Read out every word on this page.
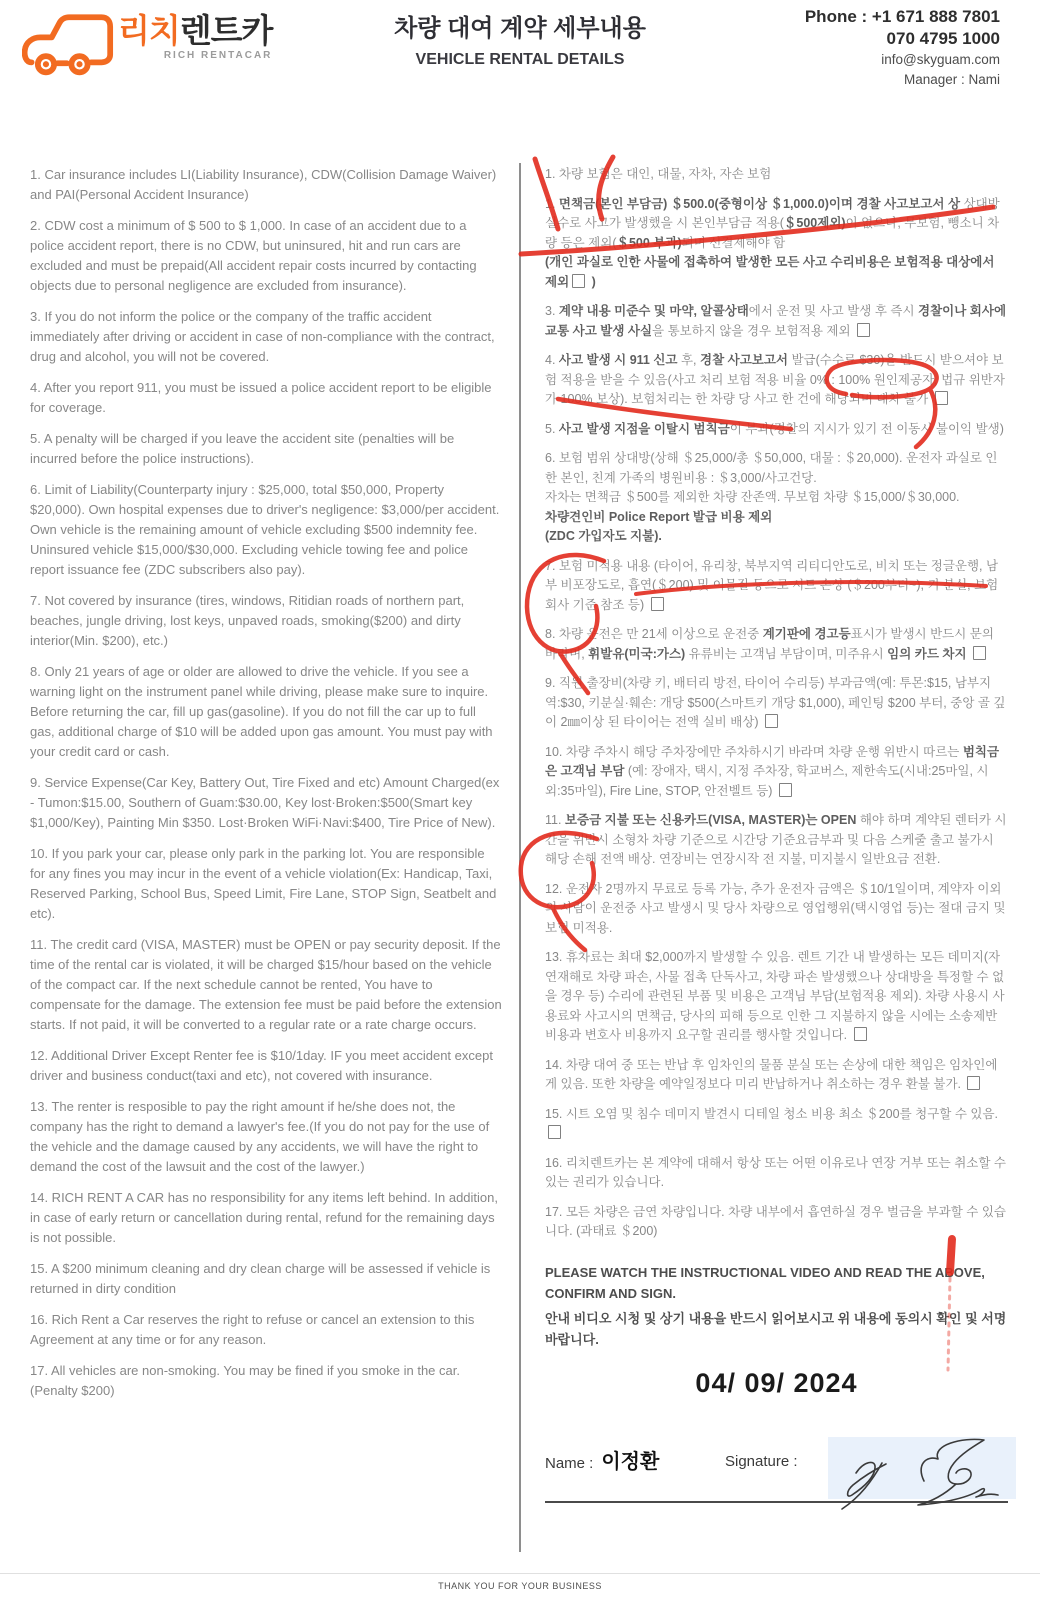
리치렌트카
RICH RENTACAR
차량 대여 계약 세부내용
VEHICLE RENTAL DETAILS
Phone : +1 671 888 7801
070 4795 1000
info@skyguam.com
Manager : Nami

1. Car insurance includes LI(Liability Insurance), CDW(Collision Damage Waiver) and PAI(Personal Accident Insurance)

2. CDW cost a minimum of $ 500 to $ 1,000. In case of an accident due to a police accident report, there is no CDW, but uninsured, hit and run cars are excluded and must be prepaid(All accident repair costs incurred by contacting objects due to personal negligence are excluded from insurance).

3. If you do not inform the police or the company of the traffic accident immediately after driving or accident in case of non-compliance with the contract, drug and alcohol, you will not be covered.

4. After you report 911, you must be issued a police accident report to be eligible for coverage.

5. A penalty will be charged if you leave the accident site (penalties will be incurred before the police instructions).

6. Limit of Liability(Counterparty injury : $25,000, total $50,000, Property $20,000). Own hospital expenses due to driver's negligence: $3,000/per accident. Own vehicle is the remaining amount of vehicle excluding $500 indemnity fee. Uninsured vehicle $15,000/$30,000. Excluding vehicle towing fee and police report issuance fee (ZDC subscribers also pay).

7. Not covered by insurance (tires, windows, Ritidian roads of northern part, beaches, jungle driving, lost keys, unpaved roads, smoking($200) and dirty interior(Min. $200), etc.)

8. Only 21 years of age or older are allowed to drive the vehicle. If you see a warning light on the instrument panel while driving, please make sure to inquire. Before returning the car, fill up gas(gasoline). If you do not fill the car up to full gas, additional charge of $10 will be added upon gas amount. You must pay with your credit card or cash.

9. Service Expense(Car Key, Battery Out, Tire Fixed and etc) Amount Charged(ex - Tumon:$15.00, Southern of Guam:$30.00, Key lost·Broken:$500(Smart key $1,000/Key), Painting Min $350. Lost·Broken WiFi·Navi:$400, Tire Price of New).

10. If you park your car, please only park in the parking lot. You are responsible for any fines you may incur in the event of a vehicle violation(Ex: Handicap, Taxi, Reserved Parking, School Bus, Speed Limit, Fire Lane, STOP Sign, Seatbelt and etc).

11. The credit card (VISA, MASTER) must be OPEN or pay security deposit. If the time of the rental car is violated, it will be charged $15/hour based on the vehicle of the compact car. If the next schedule cannot be rented, You have to compensate for the damage. The extension fee must be paid before the extension starts. If not paid, it will be converted to a regular rate or a rate charge occurs.

12. Additional Driver Except Renter fee is $10/1day. IF you meet accident except driver and business conduct(taxi and etc), not covered with insurance.

13. The renter is resposible to pay the right amount if he/she does not, the company has the right to demand a lawyer's fee.(If you do not pay for the use of the vehicle and the damage caused by any accidents, we will have the right to demand the cost of the lawsuit and the cost of the lawyer.)

14. RICH RENT A CAR has no responsibility for any items left behind. In addition, in case of early return or cancellation during rental, refund for the remaining days is not possible.

15. A $200 minimum cleaning and dry clean charge will be assessed if vehicle is returned in dirty condition

16. Rich Rent a Car reserves the right to refuse or cancel an extension to this Agreement at any time or for any reason.

17. All vehicles are non-smoking. You may be fined if you smoke in the car. (Penalty $200)

1. 차량 보험은 대인, 대물, 자차, 자손 보험

1. 면책금(본인 부담금) ＄500.0(중형이상 ＄1,000.0)이며 경찰 사고보고서 상 상대방 실수로 사고가 발생했을 시 본인부담금 적용(＄500제외)이 없으나, 무보험, 뺑소니 차량 등은 제외(＄500 부과)되며 선결제해야 함
(개인 과실로 인한 사물에 접촉하여 발생한 모든 사고 수리비용은 보험적용 대상에서 제외 )

3. 계약 내용 미준수 및 마약, 알콜상태에서 운전 및 사고 발생 후 즉시 경찰이나 회사에 교통 사고 발생 사실을 통보하지 않을 경우 보험적용 제외

4. 사고 발생 시 911 신고 후, 경찰 사고보고서 발급(수수료 $30)을 반드시 받으셔야 보험 적용을 받을 수 있음(사고 처리 보험 적용 비율 0% : 100% 원인제공자, 법규 위반자가 100% 보상). 보험처리는 한 차량 당 사고 한 건에 해당되며 대차 불가

5. 사고 발생 지점을 이탈시 범칙금이 부과(경찰의 지시가 있기 전 이동시 불이익 발생)

6. 보험 범위 상대방(상해 ＄25,000/총 ＄50,000, 대물 : ＄20,000). 운전자 과실로 인한 본인, 친계 가족의 병원비용 : ＄3,000/사고건당.
자차는 면책금 ＄500를 제외한 차량 잔존액. 무보험 차량 ＄15,000/＄30,000.
차량견인비 Police Report 발급 비용 제외
(ZDC 가입자도 지불).

7. 보험 미적용 내용 (타이어, 유리창, 북부지역 리티디안도로, 비치 또는 정글운행, 남부 비포장도로, 흡연(＄200) 및 이물질 등으로 시트 손상 (＄200부터~), 키 분실, 보험회사 기준 참조 등)

8. 차량 운전은 만 21세 이상으로 운전중 계기판에 경고등표시가 발생시 반드시 문의 바라며, 휘발유(미국:가스) 유류비는 고객님 부담이며, 미주유시 임의 카드 차지

9. 직원 출장비(차량 키, 배터리 방전, 타이어 수리등) 부과금액(예: 투몬:$15, 남부지역:$30, 키분실·훼손: 개당 $500(스마트키 개당 $1,000), 페인팅 $200 부터, 중앙 골 깊이 2㎜이상 된 타이어는 전액 실비 배상)

10. 차량 주차시 해당 주차장에만 주차하시기 바라며 차량 운행 위반시 따르는 범칙금은 고객님 부담 (예: 장애자, 택시, 지정 주차장, 학교버스, 제한속도(시내:25마일, 시외:35마일), Fire Line, STOP, 안전벨트 등)

11. 보증금 지불 또는 신용카드(VISA, MASTER)는 OPEN 해야 하며 계약된 렌터카 시간을 위반시 소형차 차량 기준으로 시간당 기준요금부과 및 다음 스케줄 출고 불가시 해당 손해 전액 배상. 연장비는 연장시작 전 지불, 미지불시 일반요금 전환.

12. 운전자 2명까지 무료로 등록 가능, 추가 운전자 금액은 ＄10/1일이며, 계약자 이외의 사람이 운전중 사고 발생시 및 당사 차량으로 영업행위(택시영업 등)는 절대 금지 및 보험 미적용.

13. 휴차료는 최대 $2,000까지 발생할 수 있음. 렌트 기간 내 발생하는 모든 데미지(자연재해로 차량 파손, 사물 접촉 단독사고, 차량 파손 발생했으나 상대방을 특정할 수 없을 경우 등) 수리에 관련된 부품 및 비용은 고객님 부담(보험적용 제외). 차량 사용시 사용료와 사고시의 면책금, 당사의 피해 등으로 인한 그 지불하지 않을 시에는 소송제반 비용과 변호사 비용까지 요구할 권리를 행사할 것입니다.

14. 차량 대여 중 또는 반납 후 임차인의 물품 분실 또는 손상에 대한 책임은 임차인에게 있음. 또한 차량을 예약일정보다 미리 반납하거나 취소하는 경우 환불 불가.

15. 시트 오염 및 침수 데미지 발견시 디테일 청소 비용 최소 ＄200를 청구할 수 있음.

16. 리치렌트카는 본 계약에 대해서 항상 또는 어떤 이유로나 연장 거부 또는 취소할 수 있는 권리가 있습니다.

17. 모든 차량은 금연 차량입니다. 차량 내부에서 흡연하실 경우 벌금을 부과할 수 있습니다. (과태료 ＄200)

PLEASE WATCH THE INSTRUCTIONAL VIDEO AND READ THE ABOVE, CONFIRM AND SIGN.

안내 비디오 시청 및 상기 내용을 반드시 읽어보시고 위 내용에 동의시 확인 및 서명 바랍니다.

04/ 09/ 2024
Name : 이정환	Signature :
THANK YOU FOR YOUR BUSINESS
